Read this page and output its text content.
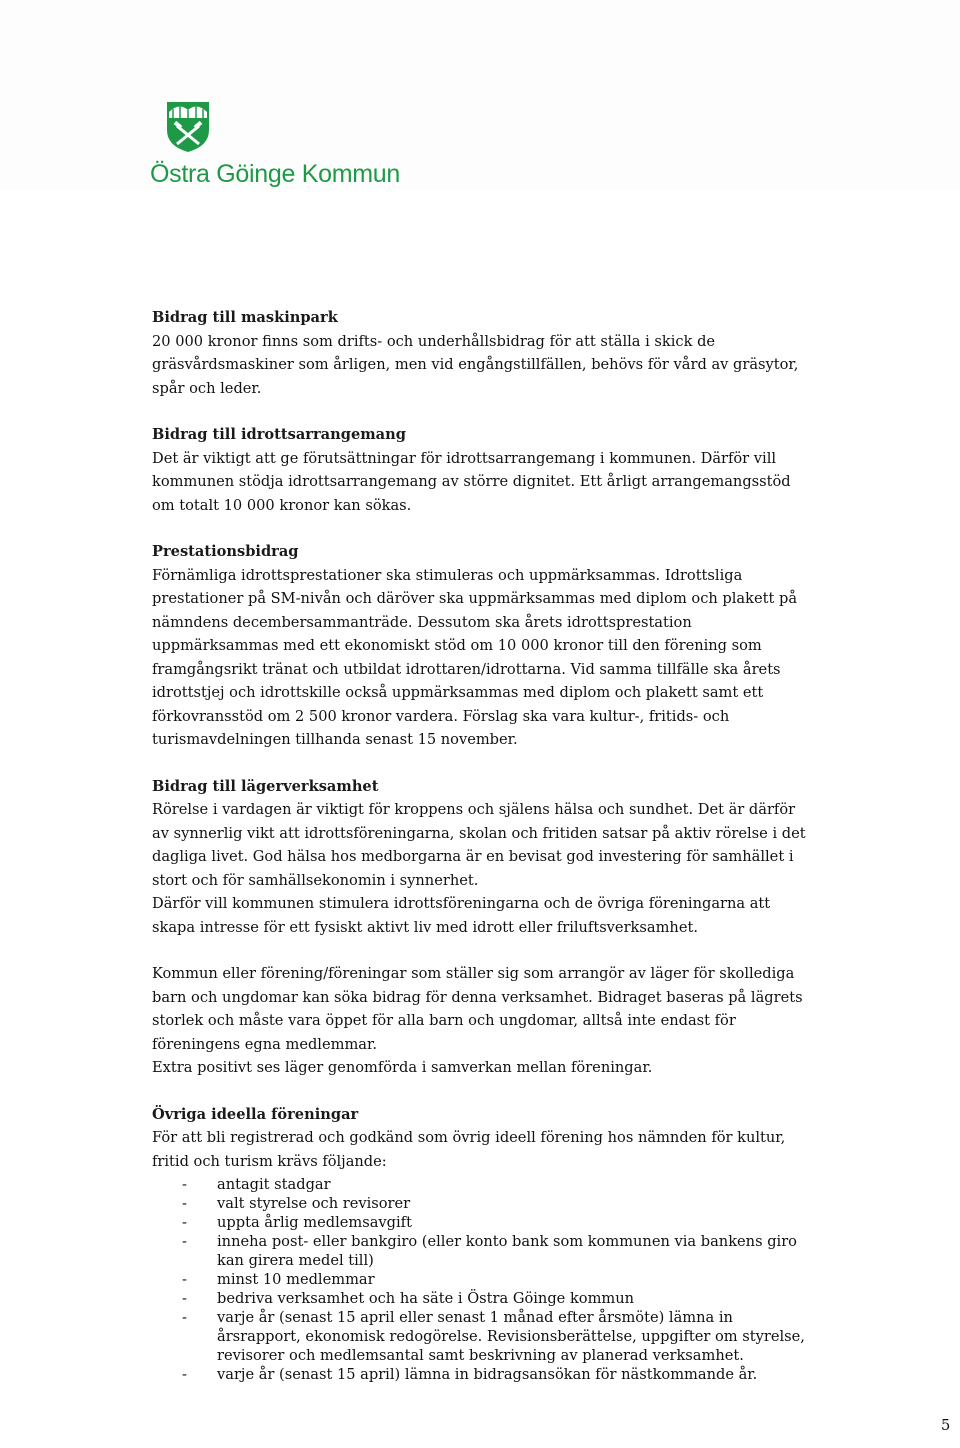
Östra Göinge Kommun
Bidrag till maskinpark

20 000 kronor finns som drifts- och underhållsbidrag för att ställa i skick de gräsvårdsmaskiner som årligen, men vid engångstillfällen, behövs för vård av gräsytor, spår och leder.

Bidrag till idrottsarrangemang

Det är viktigt att ge förutsättningar för idrottsarrangemang i kommunen. Därför vill kommunen stödja idrottsarrangemang av större dignitet. Ett årligt arrangemangsstöd om totalt 10 000 kronor kan sökas.

Prestationsbidrag

Förnämliga idrottsprestationer ska stimuleras och uppmärksammas. Idrottsliga prestationer på SM-nivån och däröver ska uppmärksammas med diplom och plakett på nämndens decembersammanträde. Dessutom ska årets idrottsprestation uppmärksammas med ett ekonomiskt stöd om 10 000 kronor till den förening som framgångsrikt tränat och utbildat idrottaren/idrottarna. Vid samma tillfälle ska årets idrottstjej och idrottskille också uppmärksammas med diplom och plakett samt ett förkovransstöd om 2 500 kronor vardera. Förslag ska vara kultur-, fritids- och turismavdelningen tillhanda senast 15 november.

Bidrag till lägerverksamhet

Rörelse i vardagen är viktigt för kroppens och själens hälsa och sundhet. Det är därför av synnerlig vikt att idrottsföreningarna, skolan och fritiden satsar på aktiv rörelse i det dagliga livet. God hälsa hos medborgarna är en bevisat god investering för samhället i stort och för samhällsekonomin i synnerhet.

Därför vill kommunen stimulera idrottsföreningarna och de övriga föreningarna att skapa intresse för ett fysiskt aktivt liv med idrott eller friluftsverksamhet.

Kommun eller förening/föreningar som ställer sig som arrangör av läger för skollediga barn och ungdomar kan söka bidrag för denna verksamhet. Bidraget baseras på lägrets storlek och måste vara öppet för alla barn och ungdomar, alltså inte endast för föreningens egna medlemmar.

Extra positivt ses läger genomförda i samverkan mellan föreningar.

Övriga ideella föreningar

För att bli registrerad och godkänd som övrig ideell förening hos nämnden för kultur, fritid och turism krävs följande:

- antagit stadgar
- valt styrelse och revisorer
- uppta årlig medlemsavgift
- inneha post- eller bankgiro (eller konto bank som kommunen via bankens giro kan girera medel till)
- minst 10 medlemmar
- bedriva verksamhet och ha säte i Östra Göinge kommun
- varje år (senast 15 april eller senast 1 månad efter årsmöte) lämna in årsrapport, ekonomisk redogörelse. Revisionsberättelse, uppgifter om styrelse, revisorer och medlemsantal samt beskrivning av planerad verksamhet.
- varje år (senast 15 april) lämna in bidragsansökan för nästkommande år.
5
